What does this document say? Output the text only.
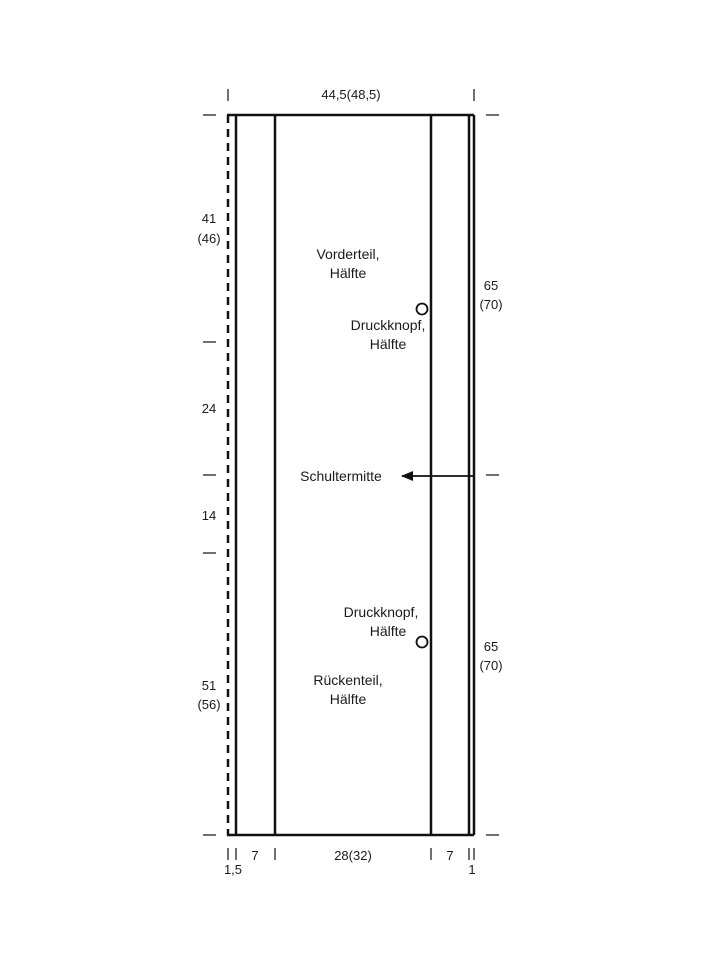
44,5(48,5)
41
(46)
24
14
51
(56)
65
(70)
65
(70)
7	28(32)	7
1,5	1
Vorderteil,
Hälfte
Druckknopf,
Hälfte
Schultermitte
Druckknopf,
Hälfte
Rückenteil,
Hälfte
